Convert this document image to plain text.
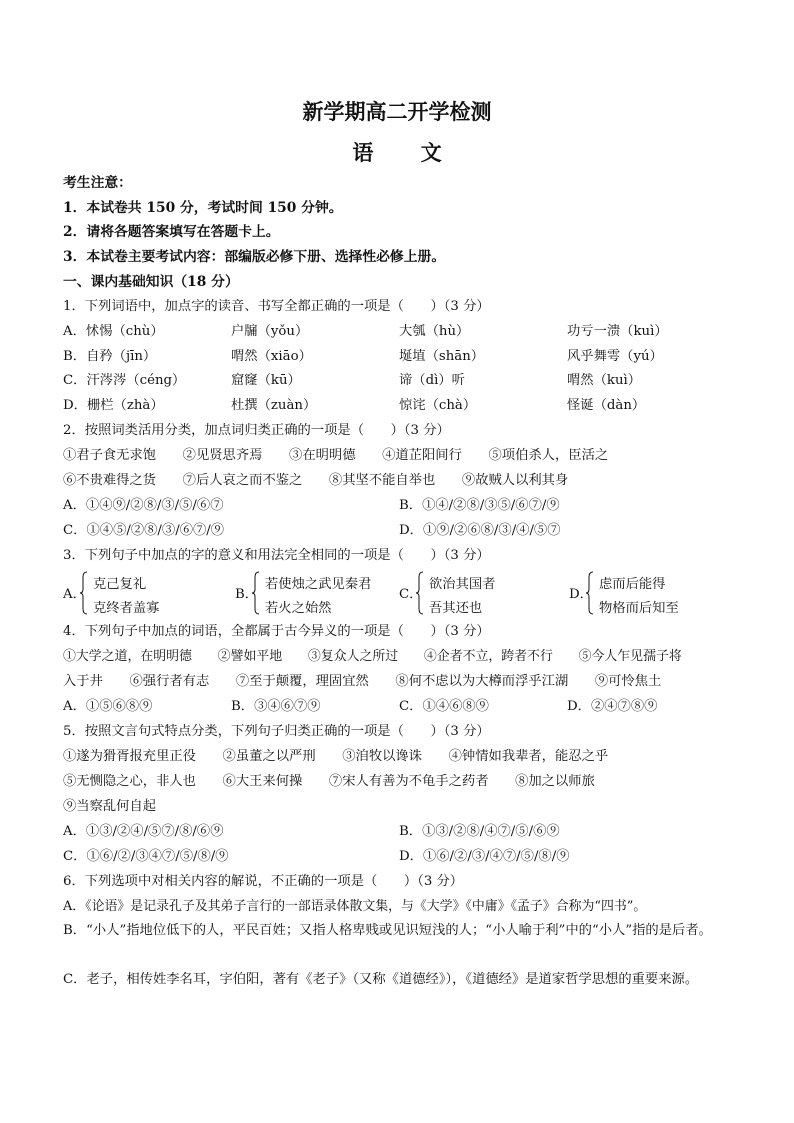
新学期高二开学检测
语 文
考生注意：
1．本试卷共 150 分，考试时间 150 分钟。
2．请将各题答案填写在答题卡上。
3．本试卷主要考试内容：部编版必修下册、选择性必修上册。
一、课内基础知识（18 分）
1．下列词语中，加点字的读音、书写全都正确的一项是（　　）（3 分）
A．怵惕（chù）	户牖（yǒu）	大瓠（hù）	功亏一溃（kuì）
B．自矜（jīn）	喟然（xiāo）	埏埴（shān）	风乎舞雩（yú）
C．汗涔涔（céng）	窟窿（kū）	谛（dì）听	喟然（kuì）
D．栅栏（zhà）	杜撰（zuàn）	惊诧（chà）	怪诞（dàn）
2．按照词类活用分类，加点词归类正确的一项是（　　）（3 分）
①君子食无求饱　　②见贤思齐焉　　③在明明德　　④道芷阳间行　　⑤项伯杀人，臣活之
⑥不贵难得之货　　⑦后人哀之而不鉴之　　⑧其坚不能自举也　　⑨故贼人以利其身
A．①④⑨/②⑧/③/⑤/⑥⑦	B．①④/②⑧/③⑤/⑥⑦/⑨
C．①④⑤/②⑧/③/⑥⑦/⑨	D．①⑨/②⑥⑧/③/④/⑤⑦
3．下列句子中加点的字的意义和用法完全相同的一项是（　　）（3 分）
A．
克己复礼
克终者盖寡
B．
若使烛之武见秦君
若火之始然
C．
欲治其国者
吾其还也
D．
虑而后能得
物格而后知至
4．下列句子中加点的词语，全都属于古今异义的一项是（　　）（3 分）
①大学之道，在明明德　　②譬如平地　　③复众人之所过　　④企者不立，跨者不行　　⑤今人乍见孺子将
入于井　　⑥强行者有志　　⑦至于颠覆，理固宜然　　⑧何不虑以为大樽而浮乎江湖　　⑨可怜焦土
A．①⑤⑥⑧⑨	B．③④⑥⑦⑨	C．①④⑥⑧⑨	D．②④⑦⑧⑨
5．按照文言句式特点分类，下列句子归类正确的一项是（　　）（3 分）
①遂为猾胥报充里正役　　②虽董之以严刑　　③洎牧以谗诛　　④钟情如我辈者，能忍之乎
⑤无恻隐之心，非人也　　⑥大王来何操　　⑦宋人有善为不龟手之药者　　⑧加之以师旅
⑨当察乱何自起
A．①③/②④/⑤⑦/⑧/⑥⑨	B．①③/②⑧/④⑦/⑤/⑥⑨
C．①⑥/②/③④⑦/⑤/⑧/⑨	D．①⑥/②/③/④⑦/⑤/⑧/⑨
6．下列选项中对相关内容的解说，不正确的一项是（　　）（3 分）
A．《论语》是记录孔子及其弟子言行的一部语录体散文集，与《大学》《中庸》《孟子》合称为“四书”。
B．“小人”指地位低下的人，平民百姓；又指人格卑贱或见识短浅的人；“小人喻于利”中的“小人”指的是后者。
C．老子，相传姓李名耳，字伯阳，著有《老子》（又称《道德经》），《道德经》是道家哲学思想的重要来源。
